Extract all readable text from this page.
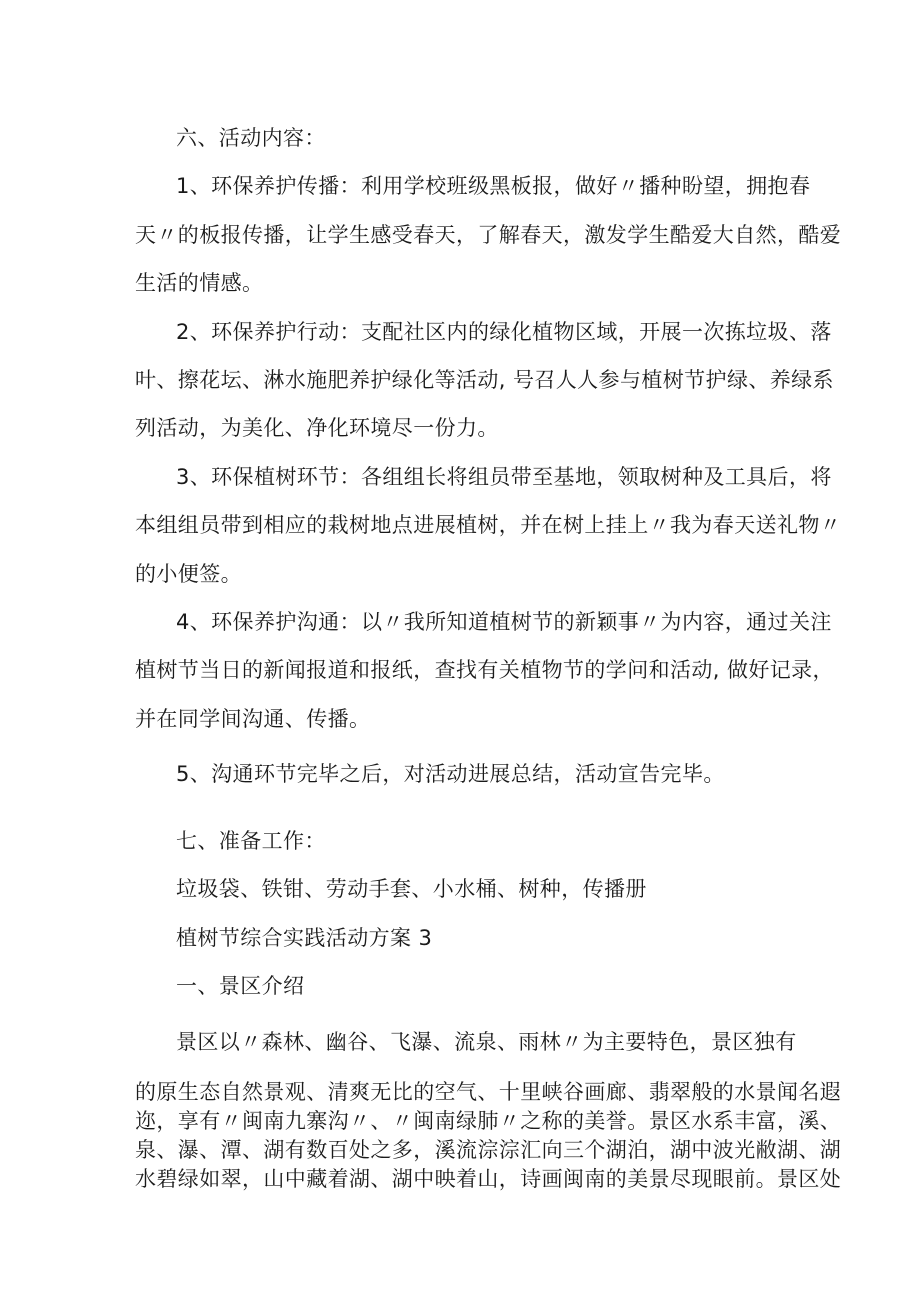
六、活动内容：
1、环保养护传播：利用学校班级黑板报，做好〃播种盼望，拥抱春
天〃的板报传播，让学生感受春天，了解春天，激发学生酷爱大自然，酷爱
生活的情感。
2、环保养护行动：支配社区内的绿化植物区域，开展一次拣垃圾、落
叶、擦花坛、淋水施肥养护绿化等活动, 号召人人参与植树节护绿、养绿系
列活动，为美化、净化环境尽一份力。
3、环保植树环节：各组组长将组员带至基地，领取树种及工具后，将
本组组员带到相应的栽树地点进展植树，并在树上挂上〃我为春天送礼物〃
的小便签。
4、环保养护沟通：以〃我所知道植树节的新颖事〃为内容，通过关注
植树节当日的新闻报道和报纸，查找有关植物节的学问和活动, 做好记录，
并在同学间沟通、传播。
5、沟通环节完毕之后，对活动进展总结，活动宣告完毕。
七、准备工作：
垃圾袋、铁钳、劳动手套、小水桶、树种，传播册
植树节综合实践活动方案 3
一、景区介绍
景区以〃森林、幽谷、飞瀑、流泉、雨林〃为主要特色，景区独有
的原生态自然景观、清爽无比的空气、十里峡谷画廊、翡翠般的水景闻名遐
迩，享有〃闽南九寨沟〃、〃闽南绿肺〃之称的美誉。景区水系丰富，溪、
泉、瀑、潭、湖有数百处之多，溪流淙淙汇向三个湖泊，湖中波光敝湖、湖
水碧绿如翠，山中藏着湖、湖中映着山，诗画闽南的美景尽现眼前。景区处
